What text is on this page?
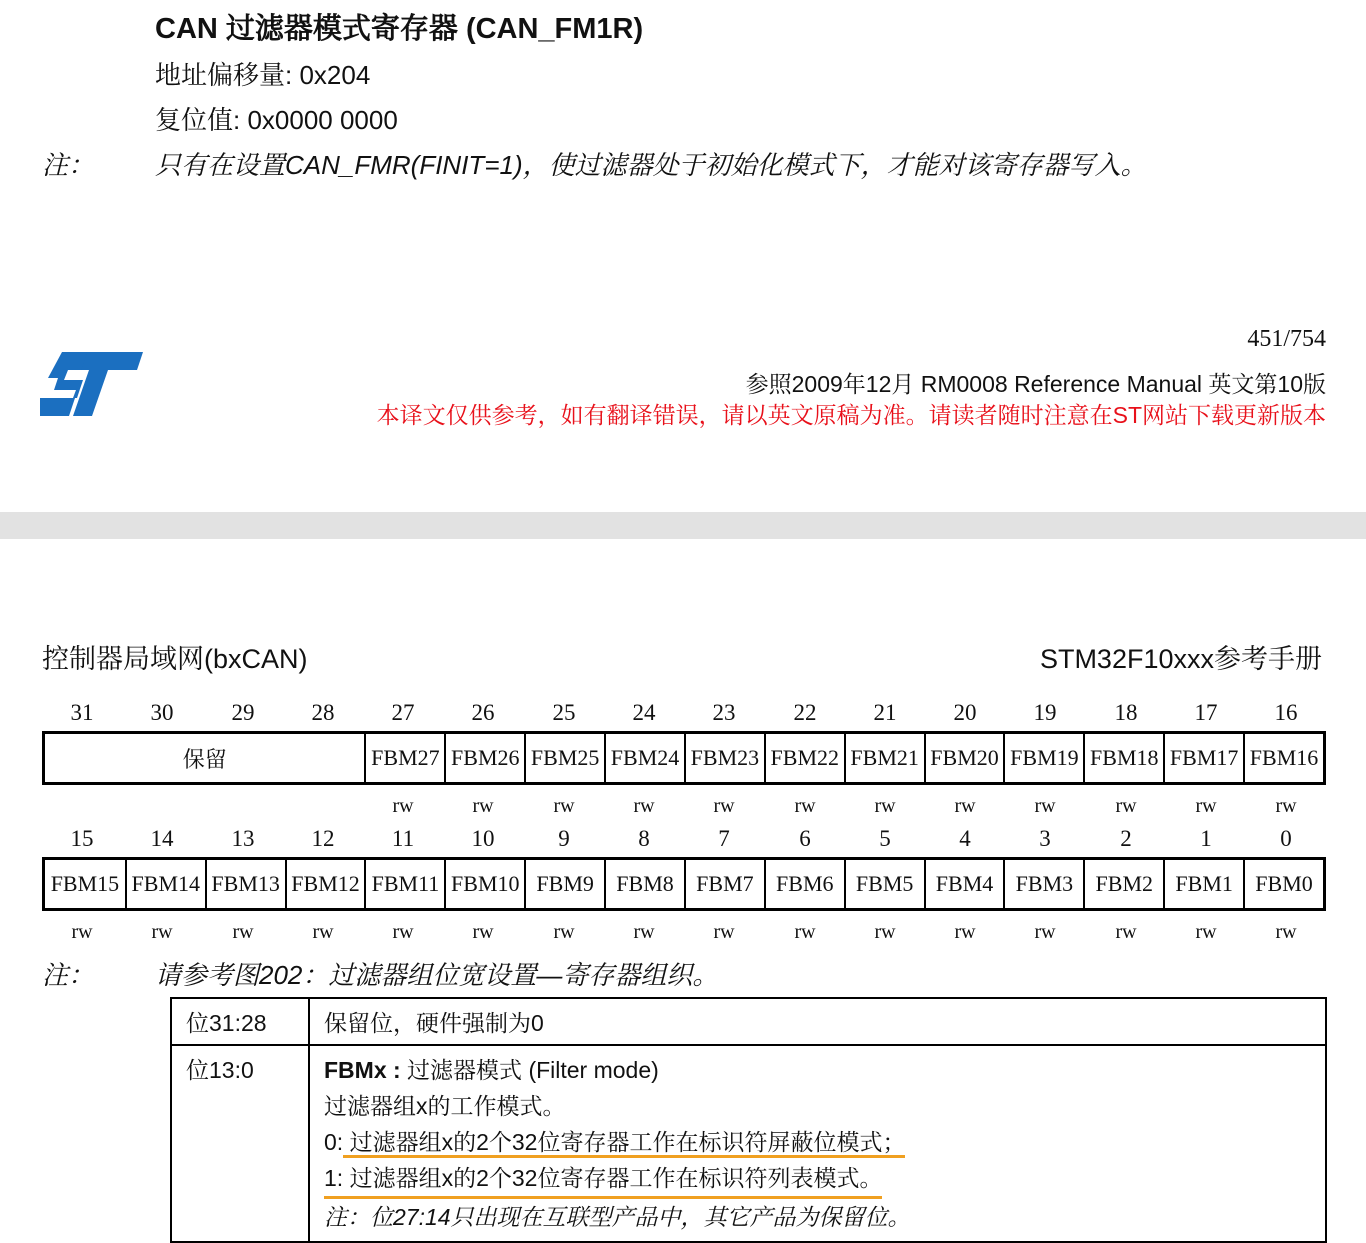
CAN 过滤器模式寄存器 (CAN_FM1R)
地址偏移量: 0x204
复位值: 0x0000 0000
注： 只有在设置CAN_FMR(FINIT=1)，使过滤器处于初始化模式下，才能对该寄存器写入。
451/754
参照2009年12月 RM0008 Reference Manual 英文第10版
本译文仅供参考，如有翻译错误，请以英文原稿为准。请读者随时注意在ST网站下载更新版本
控制器局域网(bxCAN)	STM32F10xxx参考手册
31	30	29	28	27	26	25	24	23	22	21	20	19	18	17	16
保留	FBM27 FBM26 FBM25 FBM24 FBM23 FBM22 FBM21 FBM20 FBM19 FBM18 FBM17 FBM16
rw	rw	rw	rw	rw	rw	rw	rw	rw	rw	rw	rw
15	14	13	12	11	10	9	8	7	6	5	4	3	2	1	0
FBM15 FBM14 FBM13 FBM12 FBM11 FBM10 FBM9	FBM8	FBM7	FBM6	FBM5	FBM4	FBM3	FBM2	FBM1	FBM0
rw	rw	rw	rw	rw	rw	rw	rw	rw	rw	rw	rw	rw	rw	rw	rw
注： 请参考图202：过滤器组位宽设置—寄存器组织。
位31:28	保留位，硬件强制为0
位13:0	FBMx : 过滤器模式 (Filter mode)
过滤器组x的工作模式。
0: 过滤器组x的2个32位寄存器工作在标识符屏蔽位模式；
1: 过滤器组x的2个32位寄存器工作在标识符列表模式。
注：位27:14只出现在互联型产品中，其它产品为保留位。
